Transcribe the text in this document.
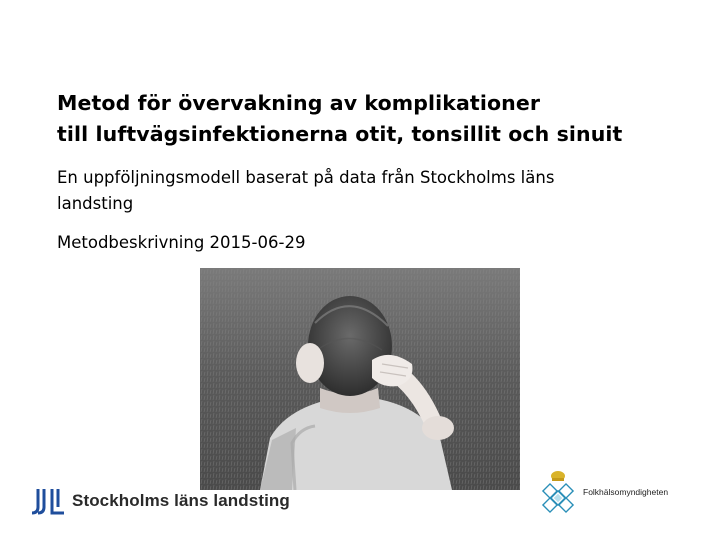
Metod för övervakning av komplikationer
till luftvägsinfektionerna otit, tonsillit och sinuit
En uppföljningsmodell baserat på data från Stockholms läns landsting
Metodbeskrivning 2015-06-29
Stockholms läns landsting	Folkhälsomyndigheten
